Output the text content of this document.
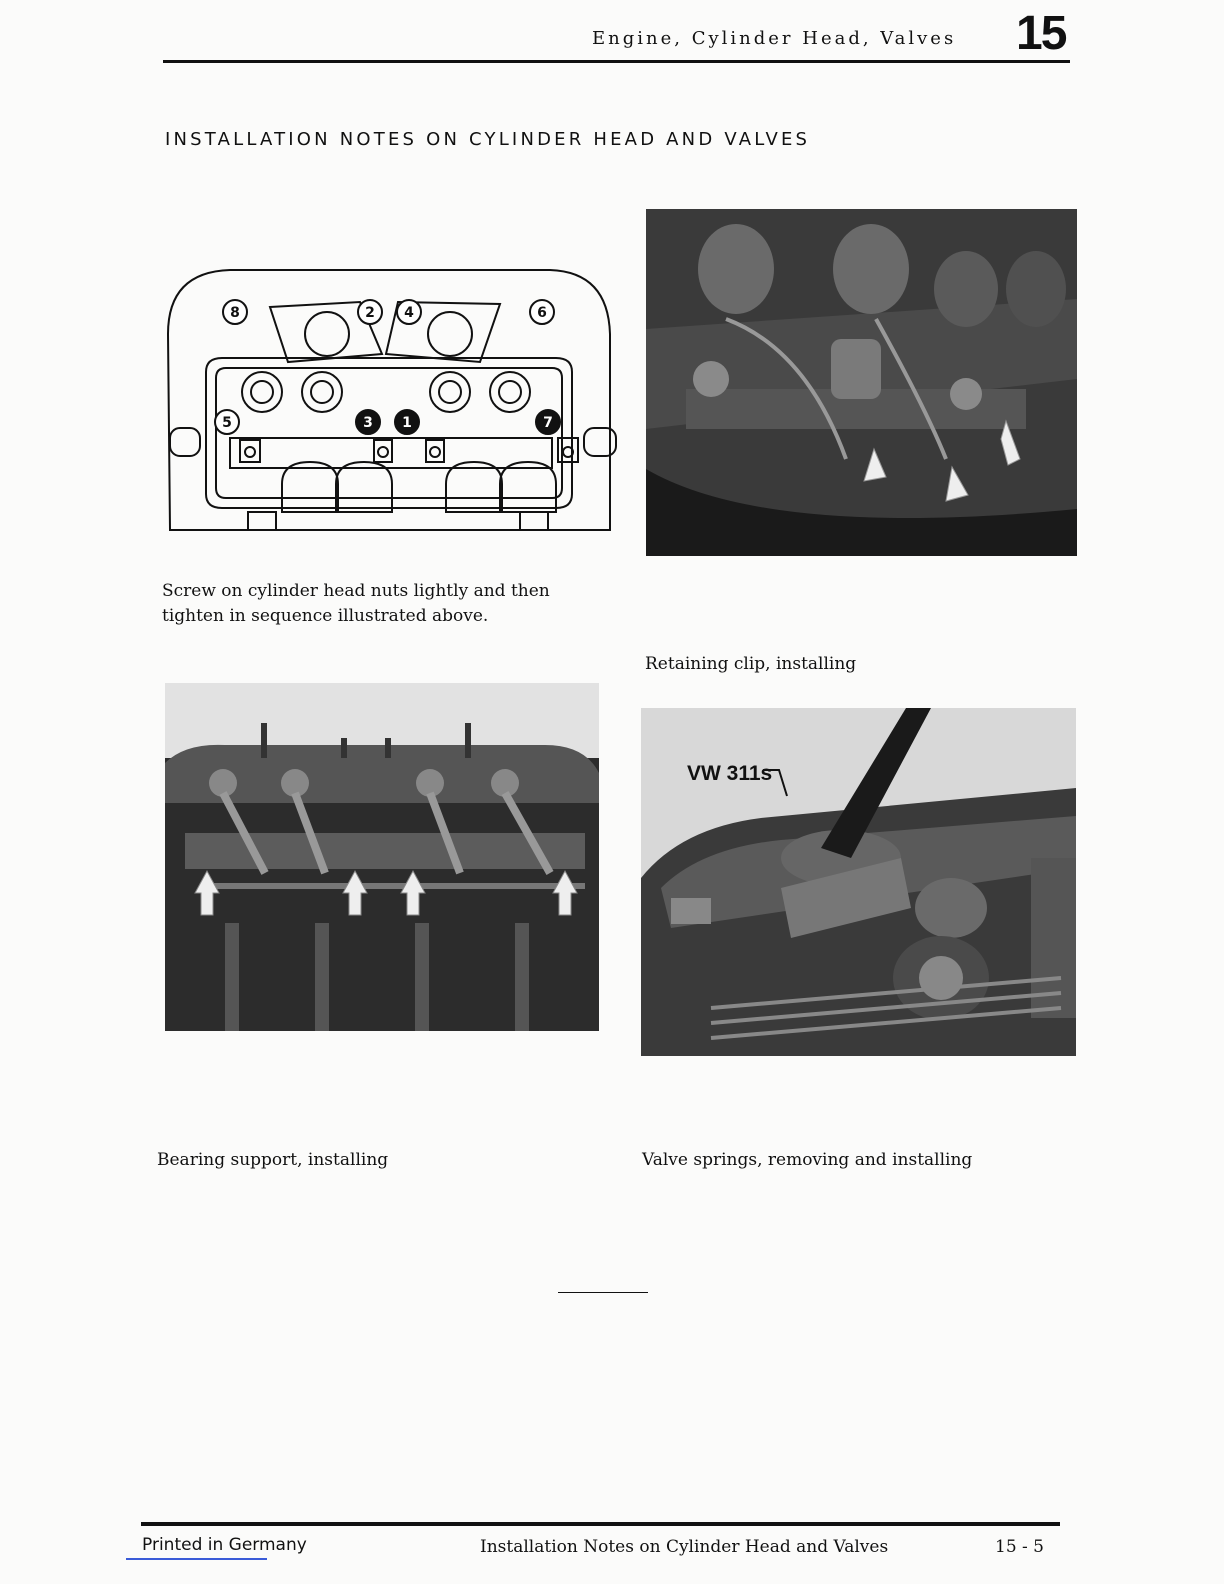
Engine, Cylinder Head, Valves 15
INSTALLATION NOTES ON CYLINDER HEAD AND VALVES
8	2 4	6
5	3 1	7
Screw on cylinder head nuts lightly and then
tighten in sequence illustrated above.
Retaining clip, installing
Bearing support, installing
VW 311s
Valve springs, removing and installing
Printed in Germany	Installation Notes on Cylinder Head and Valves	15 - 5
